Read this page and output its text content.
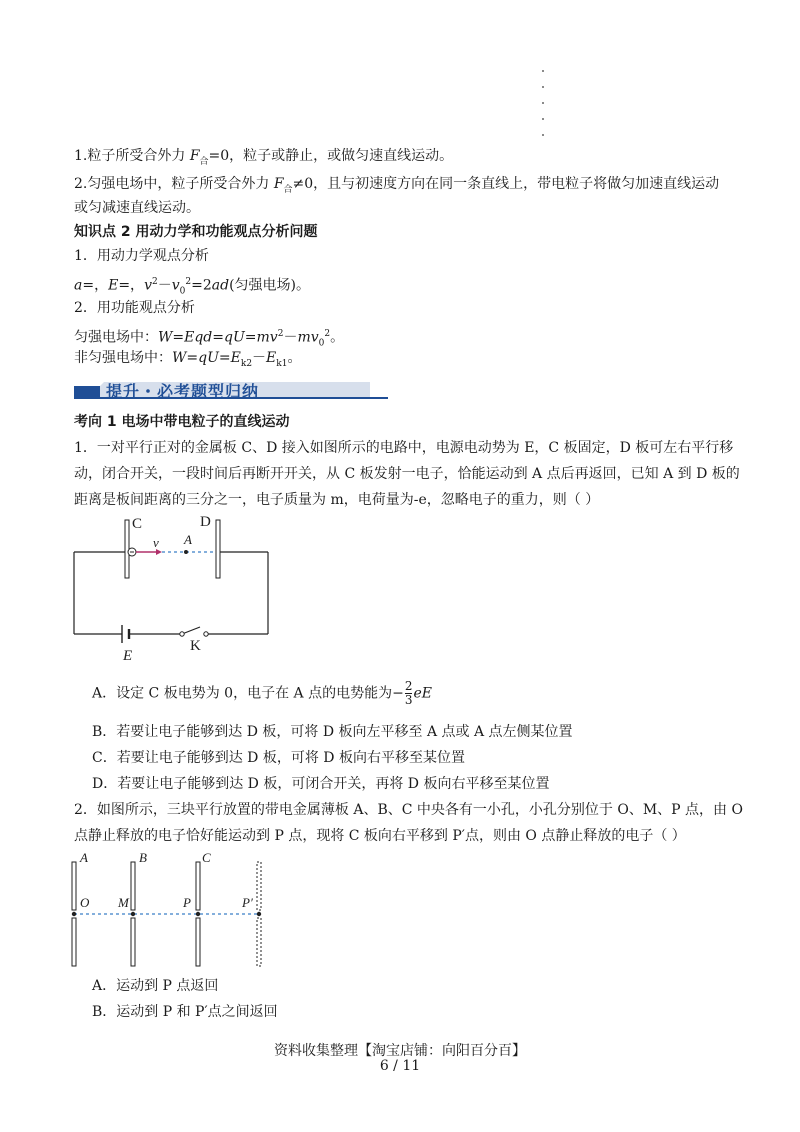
1.粒子所受合外力 $F_合=0$，粒子或静止，或做匀速直线运动。
2.匀强电场中，粒子所受合外力 $F_合\ne 0$，且与初速度方向在同一条直线上，带电粒子将做匀加速直线运动
或匀减速直线运动。
知识点 2 用动力学和功能观点分析问题
1．用动力学观点分析
a=，E=，$v^2-v_0^2=2ad$(匀强电场)。
2．用功能观点分析
匀强电场中：$W=Eqd=qU=mv^2-mv_0^2$。
非匀强电场中：$W=qU=E_{k2}-E_{k1}$。
提升・必考题型归纳
考向 1 电场中带电粒子的直线运动
1．一对平行正对的金属板 C、D 接入如图所示的电路中，电源电动势为 E，C 板固定，D 板可左右平行移
动，闭合开关，一段时间后再断开开关，从 C 板发射一电子，恰能运动到 A 点后再返回，已知 A 到 D 板的
距离是板间距离的三分之一，电子质量为 m，电荷量为-e，忽略电子的重力，则（ ）
C	D
v A
E
K
A．设定 C 板电势为 0，电子在 A 点的电势能为− $\frac{2}{3}$ eE
B．若要让电子能够到达 D 板，可将 D 板向左平移至 A 点或 A 点左侧某位置
C．若要让电子能够到达 D 板，可将 D 板向右平移至某位置
D．若要让电子能够到达 D 板，可闭合开关，再将 D 板向右平移至某位置
2．如图所示，三块平行放置的带电金属薄板 A、B、C 中央各有一小孔，小孔分别位于 O、M、P 点，由 O
点静止释放的电子恰好能运动到 P 点，现将 C 板向右平移到 P′点，则由 O 点静止释放的电子（ ）
A	B	C
O M	P	P′
A．运动到 P 点返回
B．运动到 P 和 P′点之间返回
资料收集整理【淘宝店铺：向阳百分百】
6 / 11
